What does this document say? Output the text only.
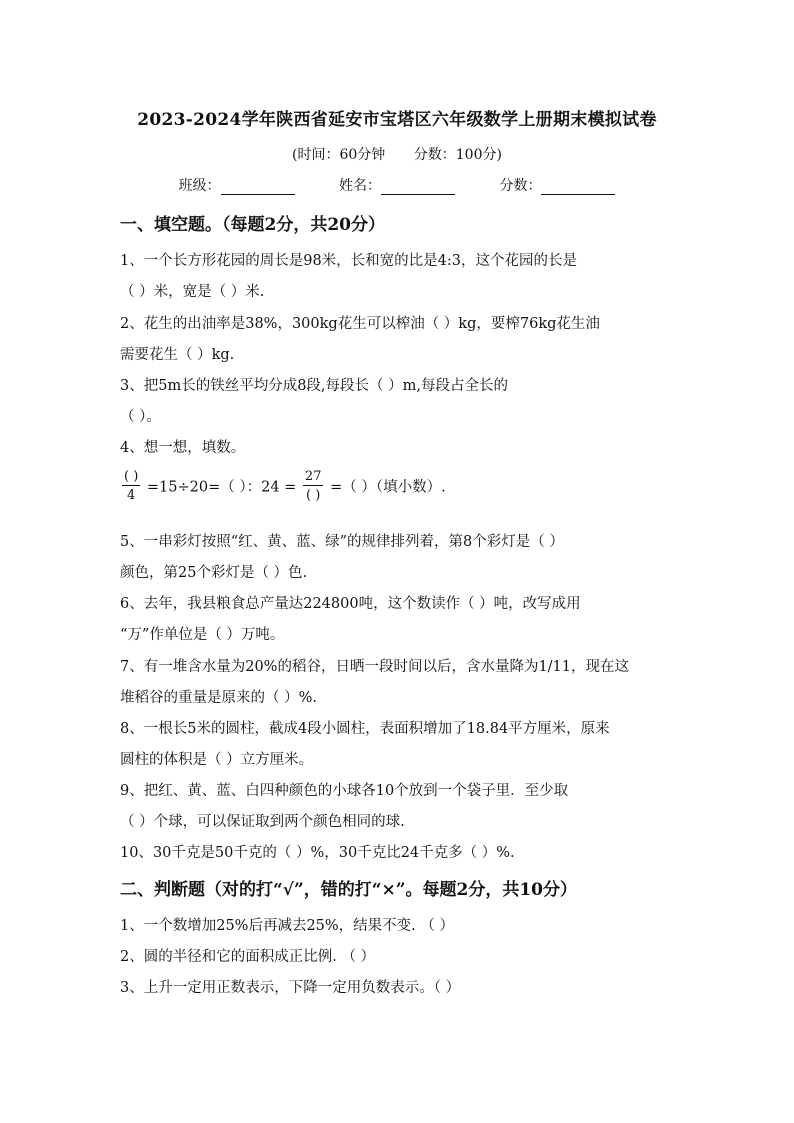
2023-2024学年陕西省延安市宝塔区六年级数学上册期末模拟试卷
(时间：60分钟 分数：100分)
班级：	姓名：	分数：
一、填空题。（每题2分，共20分）
1、一个长方形花园的周长是98米，长和宽的比是4:3，这个花园的长是
（ ）米，宽是（ ）米.
2、花生的出油率是38%，300kg花生可以榨油（ ）kg，要榨76kg花生油
需要花生（ ）kg.
3、把5m长的铁丝平均分成8段,每段长（ ）m,每段占全长的
（ ）。
4、想一想，填数。
$\frac{( )}{4} =15\div 20=$（ ）：$24 = \frac{27}{( )}$ =（ ）（填小数）.
5、一串彩灯按照“红、黄、蓝、绿”的规律排列着，第8个彩灯是（ ）
颜色，第25个彩灯是（ ）色.
6、去年，我县粮食总产量达224800吨，这个数读作（ ）吨，改写成用
“万”作单位是（ ）万吨。
7、有一堆含水量为20%的稻谷，日晒一段时间以后，含水量降为1/11，现在这
堆稻谷的重量是原来的（ ）%.
8、一根长5米的圆柱，截成4段小圆柱，表面积增加了18.84平方厘米，原来
圆柱的体积是（ ）立方厘米。
9、把红、黄、蓝、白四种颜色的小球各10个放到一个袋子里．至少取
（ ）个球，可以保证取到两个颜色相同的球.
10、30千克是50千克的（ ）%，30千克比24千克多（ ）%.
二、判断题（对的打“√”，错的打“×”。每题2分，共10分）
1、一个数增加25%后再减去25%，结果不变. （ ）
2、圆的半径和它的面积成正比例. （ ）
3、上升一定用正数表示，下降一定用负数表示。（ ）
